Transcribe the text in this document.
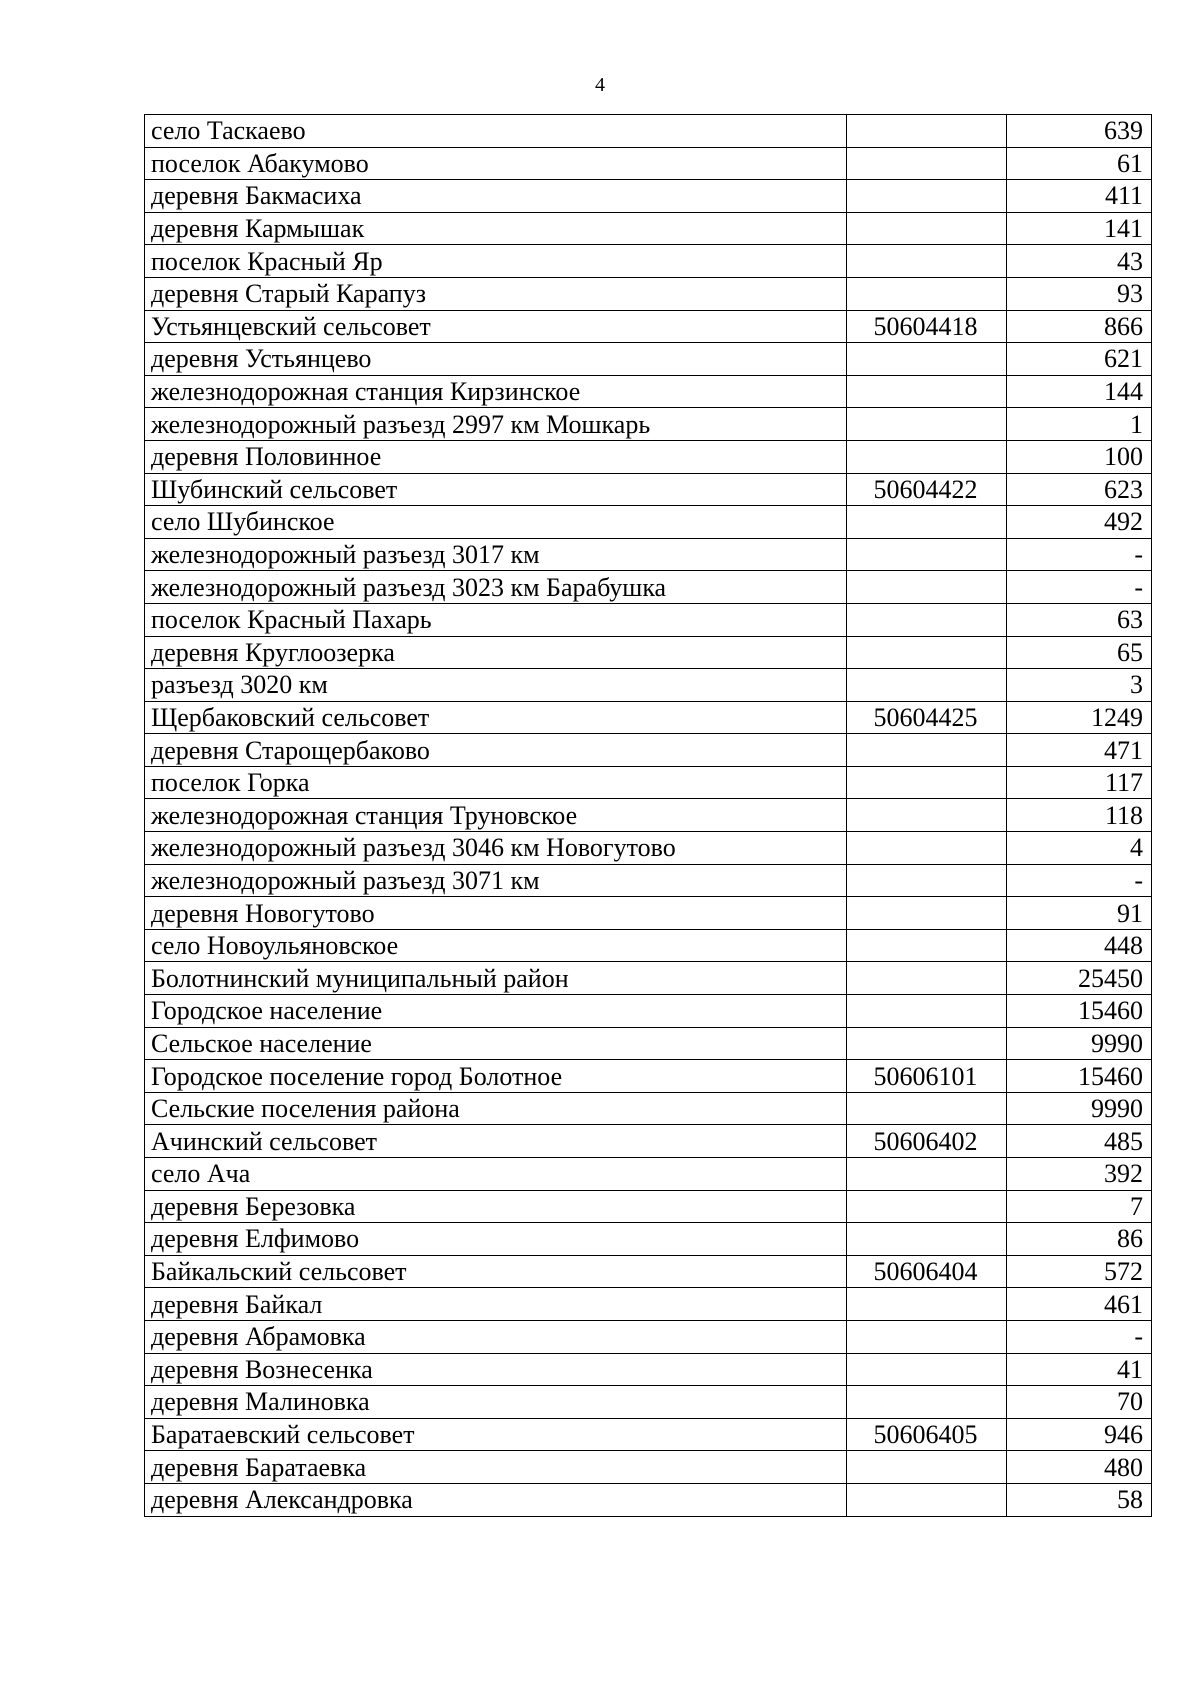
4
село Таскаево		639
поселок Абакумово		61
деревня Бакмасиха		411
деревня Кармышак		141
поселок Красный Яр		43
деревня Старый Карапуз		93
Устьянцевский сельсовет	50604418	866
деревня Устьянцево		621
железнодорожная станция Кирзинское		144
железнодорожный разъезд 2997 км Мошкарь		1
деревня Половинное		100
Шубинский сельсовет	50604422	623
село Шубинское		492
железнодорожный разъезд 3017 км		-
железнодорожный разъезд 3023 км Барабушка		-
поселок Красный Пахарь		63
деревня Круглоозерка		65
разъезд 3020 км		3
Щербаковский сельсовет	50604425	1249
деревня Старощербаково		471
поселок Горка		117
железнодорожная станция Труновское		118
железнодорожный разъезд 3046 км Новогутово		4
железнодорожный разъезд 3071 км		-
деревня Новогутово		91
село Новоульяновское		448
Болотнинский муниципальный район		25450
Городское население		15460
Сельское население		9990
Городское поселение город Болотное	50606101	15460
Сельские поселения района		9990
Ачинский сельсовет	50606402	485
село Ача		392
деревня Березовка		7
деревня Елфимово		86
Байкальский сельсовет	50606404	572
деревня Байкал		461
деревня Абрамовка		-
деревня Вознесенка		41
деревня Малиновка		70
Баратаевский сельсовет	50606405	946
деревня Баратаевка		480
деревня Александровка		58
